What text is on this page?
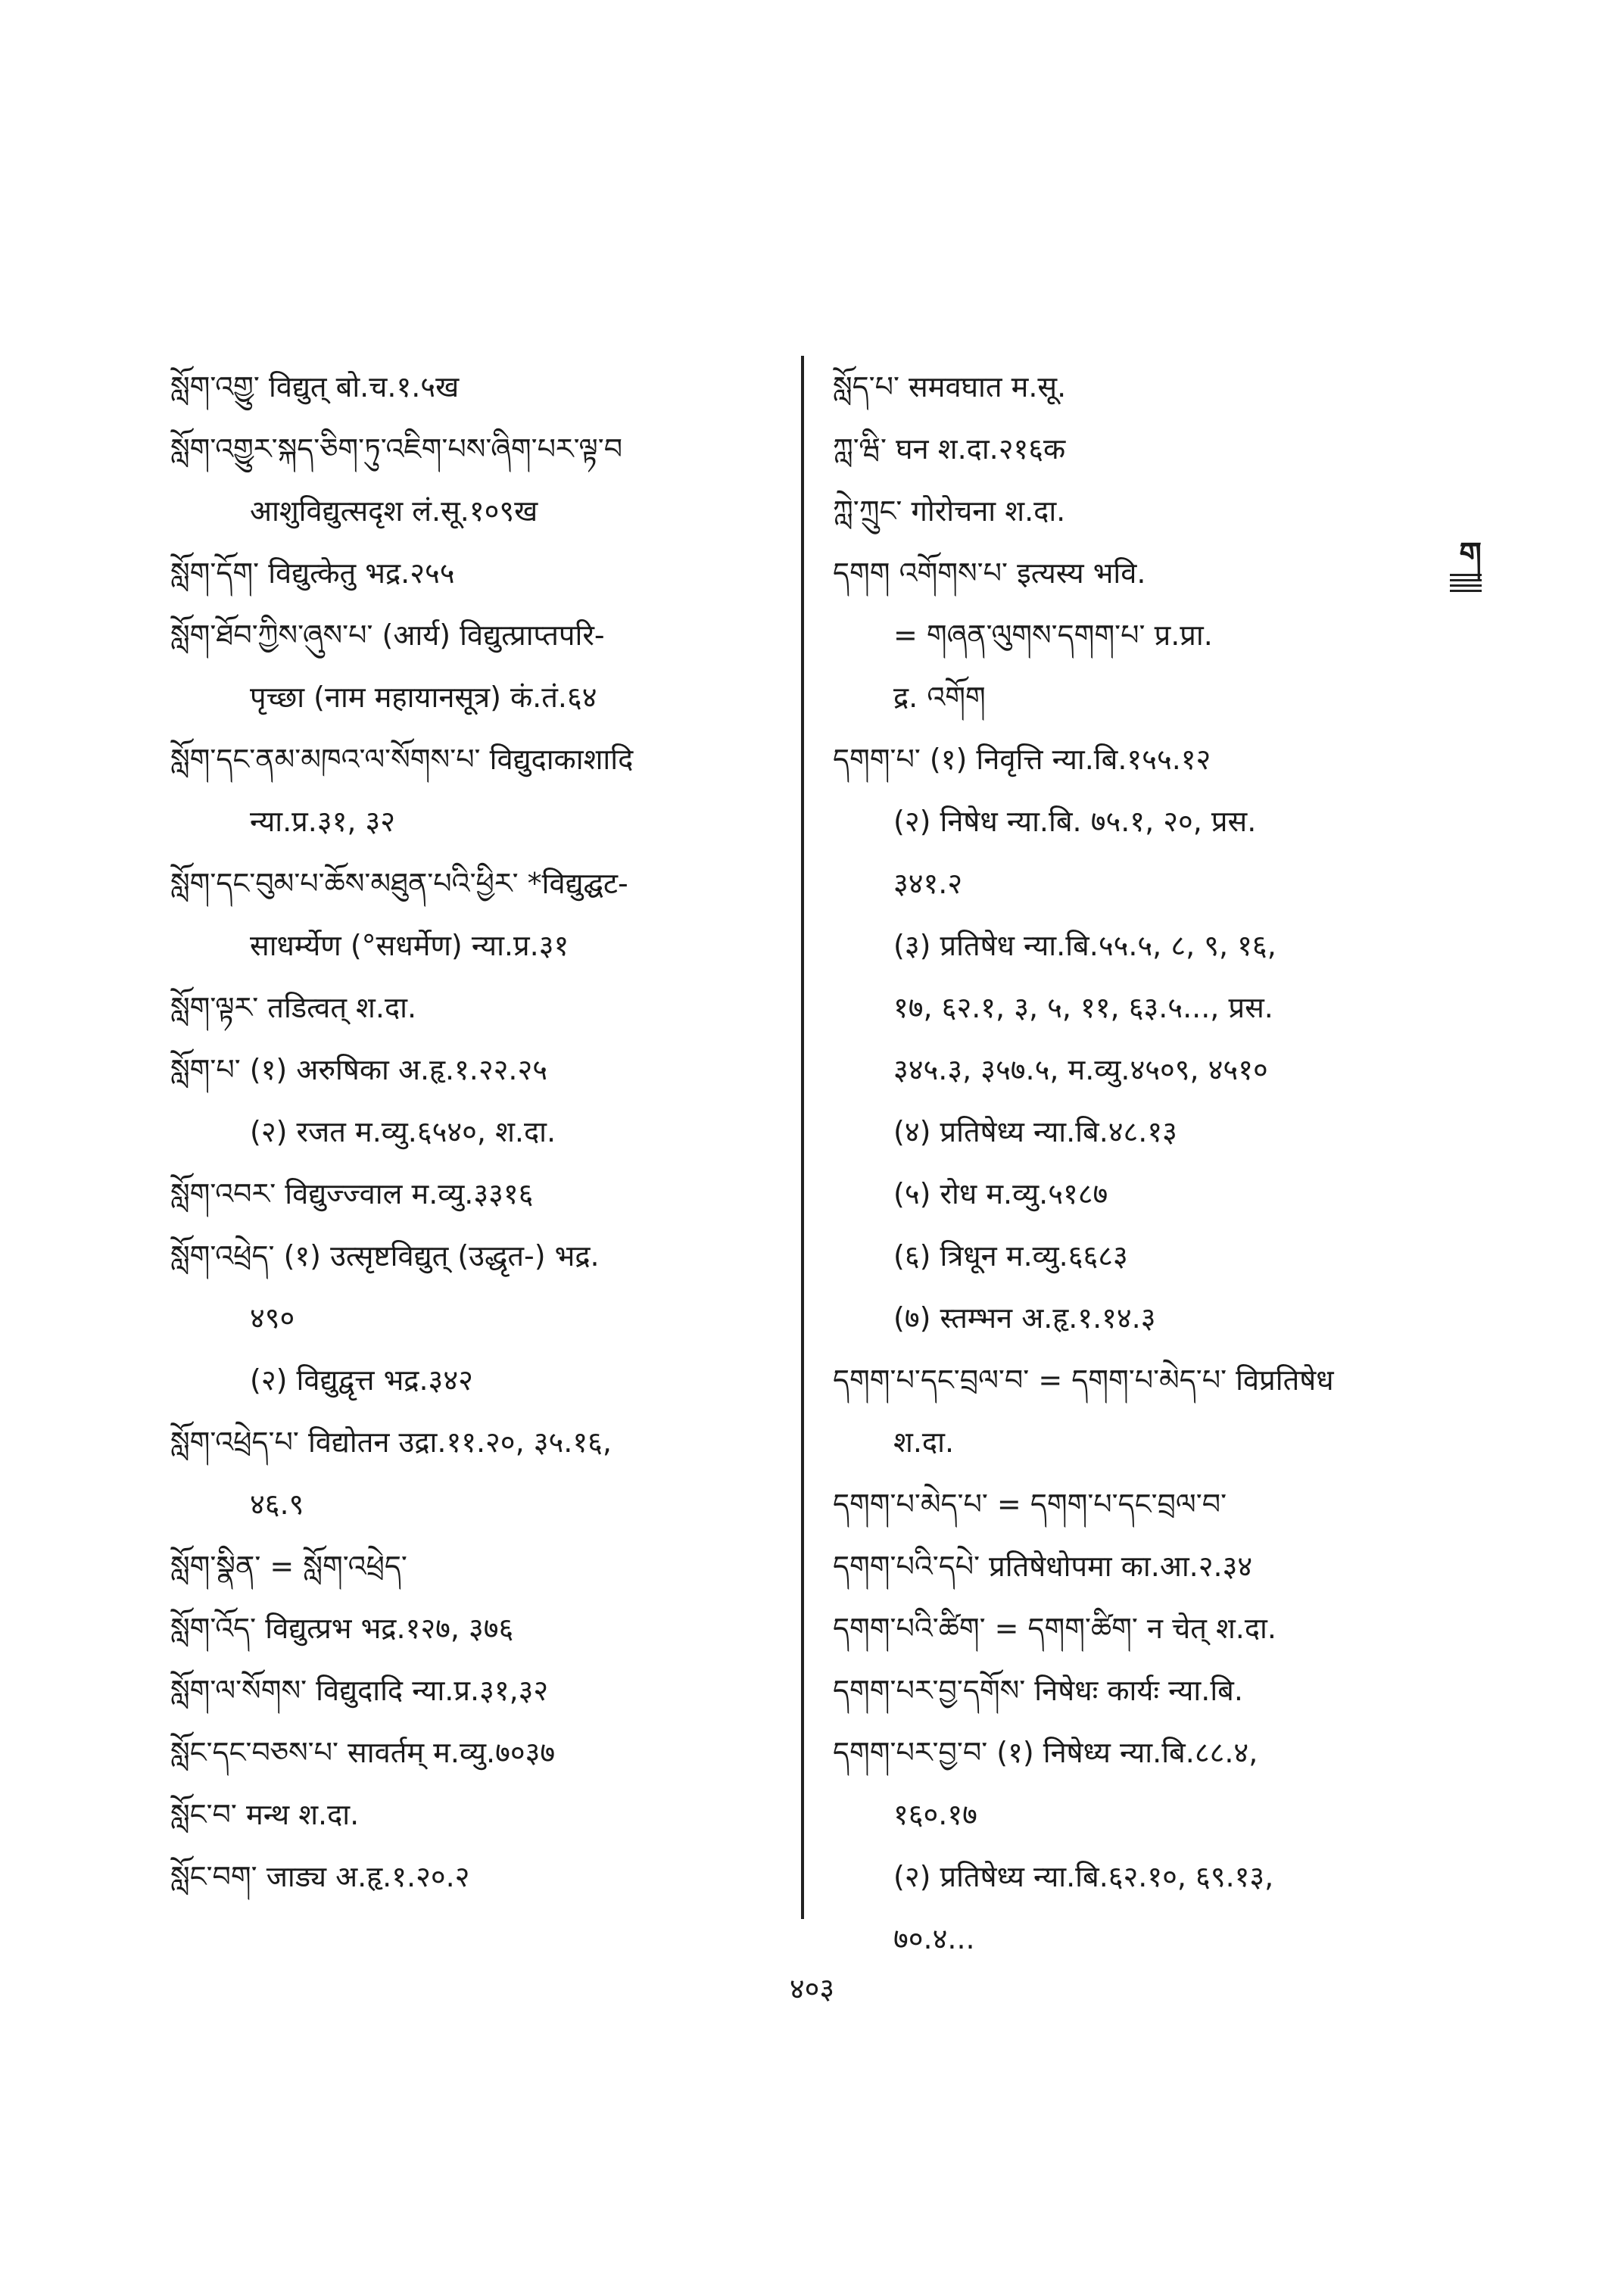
སློག་འགྱུ་ विद्युत् बो.च.१.५ख
སློག་འགྱུར་སྐད་ཅིག་ཏུ་འཇིག་པས་ཞིག་པར་ལྟ་བ
आशुविद्युत्सदृश लं.सू.१०९ख
སློག་དོག་ विद्युत्केतु भद्र.२५५
སློག་ཐོབ་ཀྱིས་ཞུས་པ་ (आर्य) विद्युत्प्राप्तपरि-
पृच्छा (नाम महायानसूत्र) कं.तं.६४
སློག་དང་ནམ་མཁའ་ལ་སོགས་པ་ विद्युदाकाशादि
न्या.प्र.३१, ३२
སློག་དང་བུམ་པ་ཆོས་མཐུན་པའི་ཕྱིར་ *विद्युद्घट-
साधर्म्येण (°सधर्मेण) न्या.प्र.३१
སློག་ལྟར་ तडित्वत् श.दा.
སློག་པ་ (१) अरुषिका अ.हृ.१.२२.२५
(२) रजत म.व्यु.६५४०, श.दा.
སློག་འབར་ विद्युज्ज्वाल म.व्यु.३३१६
སློག་འཕྲེད་ (१) उत्सृष्टविद्युत् (उद्धृत-) भद्र.
४९०
(२) विद्युद्वृत्त भद्र.३४२
སློག་འཕྲེད་པ་ विद्योतन उद्रा.११.२०, ३५.१६,
४६.९
སློག་སྣིན་ = སློག་འཕྲེད་
སློག་འོད་ विद्युत्प्रभ भद्र.१२७, ३७६
སློག་ལ་སོགས་ विद्युदादि न्या.प्र.३१,३२
སློང་དང་བཅས་པ་ सावर्तम् म.व्यु.७०३७
སློང་བ་ मन्थ श.दा.
སློང་བག་ जाड्य अ.हृ.१.२०.२
སློད་པ་ समवघात म.सू.
ཀླ་ཝི་ घन श.दा.२१६क
ཀླེ་ཀྲུང་ गोरोचना श.दा.
དགག འགོགས་པ་ इत्यस्य भवि.
= གཞན་ལུགས་དགག་པ་ प्र.प्रा.
द्र. འགོག
དགག་པ་ (१) निवृत्ति न्या.बि.१५५.१२
(२) निषेध न्या.बि. ७५.१, २०, प्रस.
३४१.२
(३) प्रतिषेध न्या.बि.५५.५, ८, ९, १६,
१७, ६२.१, ३, ५, ११, ६३.५..., प्रस.
३४५.३, ३५७.५, म.व्यु.४५०९, ४५१०
(४) प्रतिषेध्य न्या.बि.४८.१३
(५) रोध म.व्यु.५१८७
(६) त्रिधून म.व्यु.६६८३
(७) स्तम्भन अ.हृ.१.१४.३
དགག་པ་དང་བྲལ་བ་ = དགག་པ་མེད་པ་ विप्रतिषेध
श.दा.
དགག་པ་མེད་པ་ = དགག་པ་དང་བྲལ་བ་
དགག་པའི་དཔེ་ प्रतिषेधोपमा का.आ.२.३४
དགག་པའི་ཚིག་ = དགག་ཚིག་ न चेत् श.दा.
དགག་པར་བྱ་དགོས་ निषेधः कार्यः न्या.बि.
དགག་པར་བྱ་བ་ (१) निषेध्य न्या.बि.८८.४,
१६०.१७
(२) प्रतिषेध्य न्या.बि.६२.१०, ६९.१३,
७०.४...
ག
४०३
